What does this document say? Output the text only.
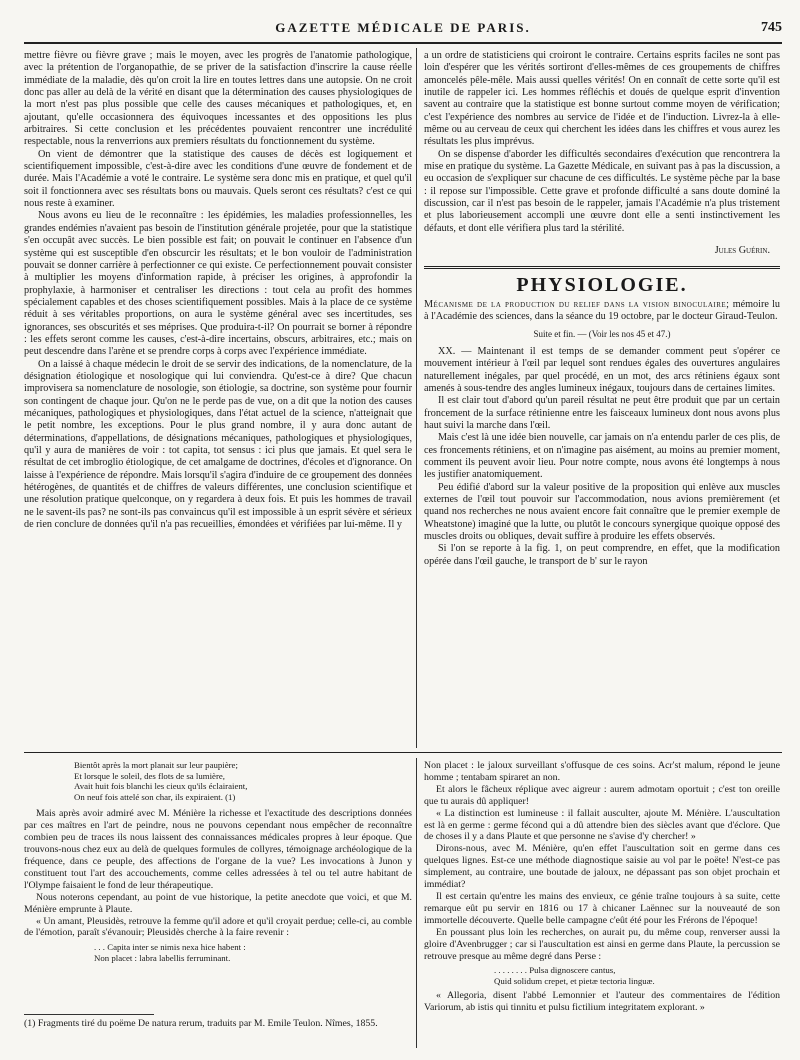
GAZETTE MÉDICALE DE PARIS.	745

mettre fièvre ou fièvre grave ; mais le moyen, avec les progrès de l'anatomie pathologique, avec la prétention de l'organopathie, de se priver de la satisfaction d'inscrire la cause réelle immédiate de la maladie, dès qu'on croit la lire en toutes lettres dans une autopsie. On ne croit donc pas aller au delà de la vérité en disant que la détermination des causes physiologiques de la mort n'est pas plus possible que celle des causes mécaniques et pathologiques, et, en ajoutant, qu'elle occasionnera des équivoques incessantes et des oppositions les plus arbitraires. Si cette conclusion et les précédentes pouvaient rencontrer une incrédulité respectable, nous la renverrions aux premiers résultats du fonctionnement du système.

On vient de démontrer que la statistique des causes de décès est logiquement et scientifiquement impossible, c'est-à-dire avec les conditions d'une œuvre de fondement et de durée. Mais l'Académie a voté le contraire. Le système sera donc mis en pratique, et quel qu'il soit il fonctionnera avec ses résultats bons ou mauvais. Quels seront ces résultats? c'est ce qui nous reste à examiner.

Nous avons eu lieu de le reconnaître : les épidémies, les maladies professionnelles, les grandes endémies n'avaient pas besoin de l'institution générale projetée, pour que la statistique s'en occupât avec succès. Le bien possible est fait; on pouvait le continuer en l'absence d'un système qui est susceptible d'en obscurcir les résultats; et le bon vouloir de l'administration pouvait se donner carrière à perfectionner ce qui existe. Ce perfectionnement pouvait consister à multiplier les moyens d'information rapide, à préciser les origines, à approfondir la prophylaxie, à harmoniser et centraliser les directions : tout cela au profit des hommes spécialement capables et des choses scientifiquement possibles. Mais à la place de ce système réduit à ses véritables proportions, on aura le système général avec ses incertitudes, ses ignorances, ses obscurités et ses méprises. Que produira-t-il? On pourrait se borner à répondre : les effets seront comme les causes, c'est-à-dire incertains, obscurs, arbitraires, etc.; mais on peut descendre dans l'arène et se prendre corps à corps avec l'expérience immédiate.

On a laissé à chaque médecin le droit de se servir des indications, de la nomenclature, de la désignation étiologique et nosologique qui lui conviendra. Qu'est-ce à dire? Que chacun improvisera sa nomenclature de nosologie, son étiologie, sa doctrine, son système pour fournir son contingent de chaque jour. Qu'on ne le perde pas de vue, on a dit que la notion des causes mécaniques, pathologiques et physiologiques, dans l'état actuel de la science, n'atteignait que le petit nombre, les exceptions. Pour le plus grand nombre, il y aura donc autant de déterminations, d'appellations, de désignations mécaniques, pathologiques et physiologiques, qu'il y aura de manières de voir : tot capita, tot sensus : ici plus que jamais. Et quel sera le résultat de cet imbroglio étiologique, de cet amalgame de doctrines, d'écoles et d'ignorance. On laisse à l'expérience de répondre. Mais lorsqu'il s'agira d'induire de ce groupement des données hétérogènes, de quantités et de chiffres de valeurs différentes, une conclusion scientifique et une résolution pratique quelconque, on y regardera à deux fois. Et puis les hommes de travail ne le savent-ils pas? ne sont-ils pas convaincus qu'il est impossible à un esprit sévère et sérieux de rien conclure de données qu'il n'a pas recueillies, émondées et vérifiées par lui-même. Il y

a un ordre de statisticiens qui croiront le contraire. Certains esprits faciles ne sont pas loin d'espérer que les vérités sortiront d'elles-mêmes de ces groupements de chiffres amoncelés pêle-mêle. Mais aussi quelles vérités! On en connaît de cette sorte qu'il est inutile de rappeler ici. Les hommes réfléchis et doués de quelque esprit d'invention savent au contraire que la statistique est bonne surtout comme moyen de vérification; c'est l'expérience des nombres au service de l'idée et de l'induction. Livrez-la à elle-même ou au cerveau de ceux qui cherchent les idées dans les chiffres et vous aurez les résultats les plus imprévus.

On se dispense d'aborder les difficultés secondaires d'exécution que rencontrera la mise en pratique du système. La Gazette Médicale, en suivant pas à pas la discussion, a eu occasion de s'expliquer sur chacune de ces difficultés. Le système pèche par la base : il repose sur l'impossible. Cette grave et profonde difficulté a sans doute dominé la discussion, car il n'est pas besoin de le rappeler, jamais l'Académie n'a plus tristement et plus laborieusement accompli une œuvre dont elle a senti instinctivement les défauts, et dont elle vérifiera plus tard la stérilité.

Jules Guérin.

PHYSIOLOGIE.

Mécanisme de la production du relief dans la vision binoculaire; mémoire lu à l'Académie des sciences, dans la séance du 19 octobre, par le docteur Giraud-Teulon.

Suite et fin. — (Voir les nos 45 et 47.)

XX. — Maintenant il est temps de se demander comment peut s'opérer ce mouvement intérieur à l'œil par lequel sont rendues égales des ouvertures angulaires naturellement inégales, par quel procédé, en un mot, des arcs rétiniens égaux sont amenés à sous-tendre des angles lumineux inégaux, toujours dans de certaines limites.

Il est clair tout d'abord qu'un pareil résultat ne peut être produit que par un certain froncement de la surface rétinienne entre les faisceaux lumineux dont nous avons plus haut suivi la marche dans l'œil.

Mais c'est là une idée bien nouvelle, car jamais on n'a entendu parler de ces plis, de ces froncements rétiniens, et on n'imagine pas aisément, au moins au premier moment, comment ils peuvent avoir lieu. Pour notre compte, nous avons été longtemps à nous les justifier anatomiquement.

Peu édifié d'abord sur la valeur positive de la proposition qui enlève aux muscles externes de l'œil tout pouvoir sur l'accommodation, nous avions premièrement (et quand nos recherches ne nous avaient encore fait connaître que le premier exemple de Wheatstone) imaginé que la lutte, ou plutôt le concours synergique quoique opposé des muscles droits ou obliques, devait suffire à produire les effets observés.

Si l'on se reporte à la fig. 1, on peut comprendre, en effet, que la modification opérée dans l'œil gauche, le transport de b' sur le rayon

Bientôt après la mort planait sur leur paupière;
Et lorsque le soleil, des flots de sa lumière,
Avait huit fois blanchi les cieux qu'ils éclairaient,
On neuf fois attelé son char, ils expiraient. (1)

Mais après avoir admiré avec M. Ménière la richesse et l'exactitude des descriptions données par ces maîtres en l'art de peindre, nous ne pouvons cependant nous empêcher de reconnaître combien peu de traces ils nous laissent des connaissances médicales propres à leur époque. Que trouvons-nous chez eux au delà de quelques formules de collyres, témoignage archéologique de la fréquence, dans ce peuple, des affections de l'organe de la vue? Les invocations à Junon y constituent tout l'art des accouchements, comme celles adressées à tel ou tel autre habitant de l'Olympe faisaient le fond de leur thérapeutique.

Nous noterons cependant, au point de vue historique, la petite anecdote que voici, et que M. Ménière emprunte à Plaute.

« Un amant, Pleusidès, retrouve la femme qu'il adore et qu'il croyait perdue; celle-ci, au comble de l'émotion, paraît s'évanouir; Pleusidès cherche à la faire revenir :

. . . Capita inter se nimis nexa hice habent :
Non placet : labra labellis ferruminant.

Non placet : le jaloux surveillant s'offusque de ces soins. Acr'st malum, répond le jeune homme ; tentabam spiraret an non.

Et alors le fâcheux réplique avec aigreur : aurem admotam oportuit ; c'est ton oreille que tu aurais dû appliquer!

« La distinction est lumineuse : il fallait ausculter, ajoute M. Ménière. L'auscultation est là en germe : germe fécond qui a dû attendre bien des siècles avant que d'éclore. Que de choses il y a dans Plaute et que personne ne s'avise d'y chercher! »

Dirons-nous, avec M. Ménière, qu'en effet l'auscultation soit en germe dans ces quelques lignes. Est-ce une méthode diagnostique saisie au vol par le poëte! N'est-ce pas simplement, au contraire, une boutade de jaloux, ne dépassant pas son objet prochain et immédiat?

Il est certain qu'entre les mains des envieux, ce génie traîne toujours à sa suite, cette remarque eût pu servir en 1816 ou 17 à chicaner Laënnec sur la nouveauté de son immortelle découverte. Quelle belle campagne c'eût été pour les Frérons de l'époque!

En poussant plus loin les recherches, on aurait pu, du même coup, renverser aussi la gloire d'Avenbrugger ; car si l'auscultation est ainsi en germe dans Plaute, la percussion se retrouve presque au même degré dans Perse :

. . . . . . . . Pulsa dignoscere cantus,
Quid solidum crepet, et pietæ tectoria linguæ.

« Allegoria, disent l'abbé Lemonnier et l'auteur des commentaires de l'édition Variorum, ab istis qui tinnitu et pulsu fictilium integritatem explorant. »

(1) Fragments tiré du poëme De natura rerum, traduits par M. Emile Teulon. Nîmes, 1855.
